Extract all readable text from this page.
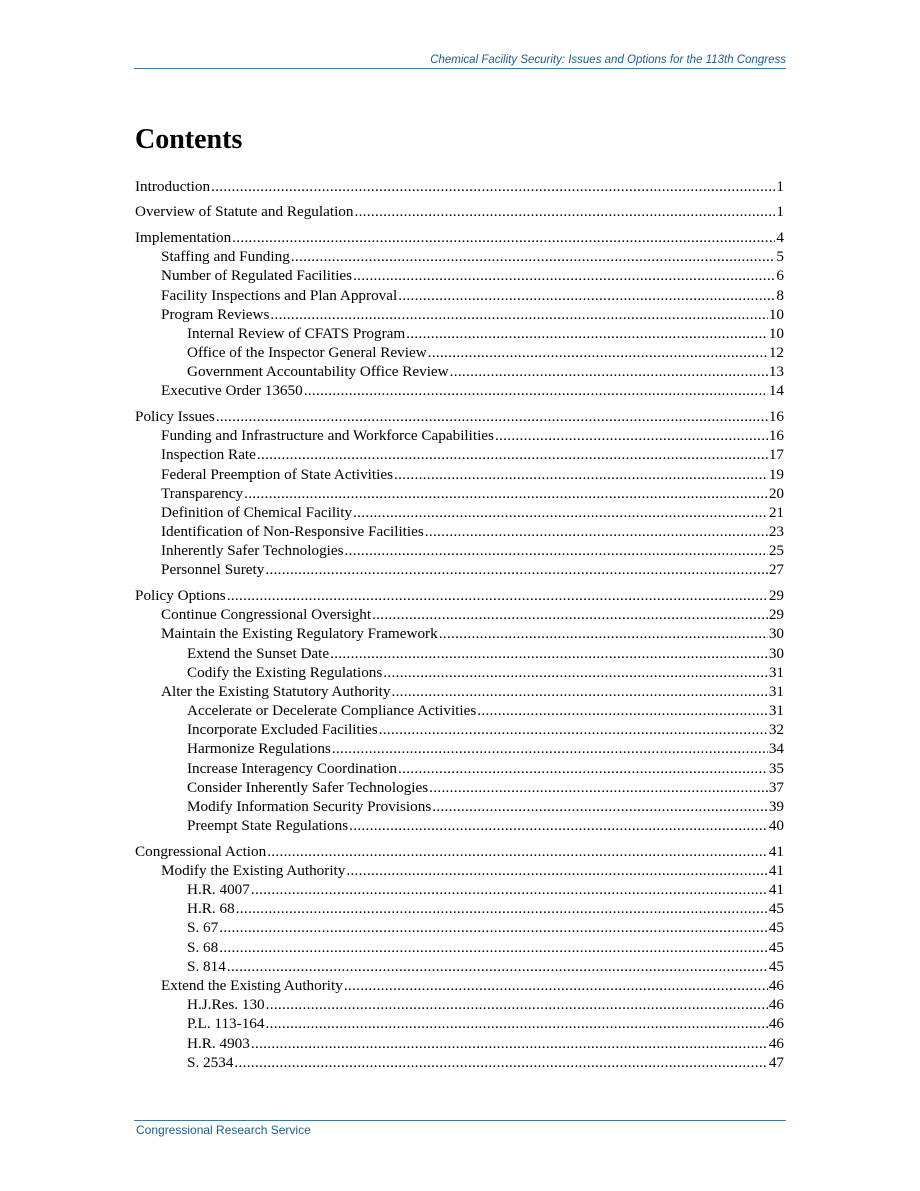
Chemical Facility Security: Issues and Options for the 113th Congress
Contents
Introduction .....	1
Overview of Statute and Regulation .....	1
Implementation .....	4
Staffing and Funding .....	5
Number of Regulated Facilities .....	6
Facility Inspections and Plan Approval .....	8
Program Reviews .....	10
Internal Review of CFATS Program .....	10
Office of the Inspector General Review .....	12
Government Accountability Office Review .....	13
Executive Order 13650 .....	14
Policy Issues .....	16
Funding and Infrastructure and Workforce Capabilities .....	16
Inspection Rate .....	17
Federal Preemption of State Activities .....	19
Transparency .....	20
Definition of Chemical Facility .....	21
Identification of Non-Responsive Facilities .....	23
Inherently Safer Technologies .....	25
Personnel Surety .....	27
Policy Options .....	29
Continue Congressional Oversight .....	29
Maintain the Existing Regulatory Framework .....	30
Extend the Sunset Date .....	30
Codify the Existing Regulations .....	31
Alter the Existing Statutory Authority .....	31
Accelerate or Decelerate Compliance Activities .....	31
Incorporate Excluded Facilities .....	32
Harmonize Regulations .....	34
Increase Interagency Coordination .....	35
Consider Inherently Safer Technologies .....	37
Modify Information Security Provisions .....	39
Preempt State Regulations .....	40
Congressional Action .....	41
Modify the Existing Authority .....	41
H.R. 4007 .....	41
H.R. 68 .....	45
S. 67 .....	45
S. 68 .....	45
S. 814 .....	45
Extend the Existing Authority .....	46
H.J.Res. 130 .....	46
P.L. 113-164 .....	46
H.R. 4903 .....	46
S. 2534 .....	47
Congressional Research Service
